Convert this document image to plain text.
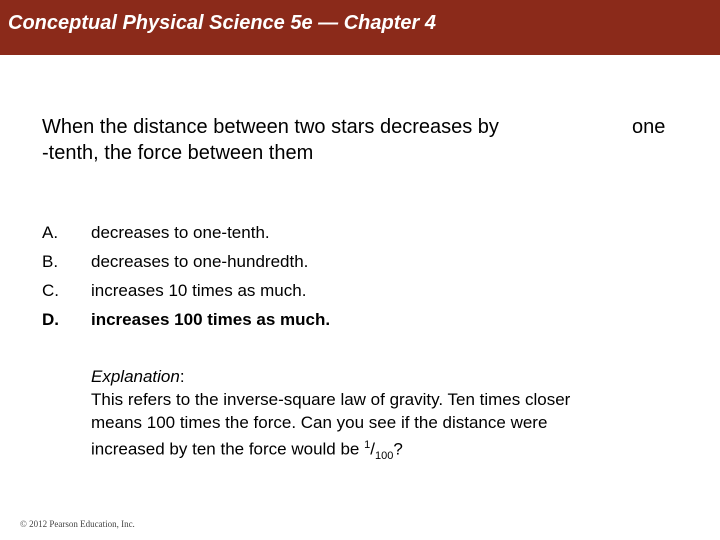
Conceptual Physical Science 5e — Chapter 4
When the distance between two stars decreases by	one
-tenth, the force between them
A. decreases to one-tenth.
B. decreases to one-hundredth.
C. increases 10 times as much.
D. increases 100 times as much.
Explanation:
This refers to the inverse-square law of gravity. Ten times closer
means 100 times the force. Can you see if the distance were
increased by ten the force would be $^1/_{100}$?
© 2012 Pearson Education, Inc.
